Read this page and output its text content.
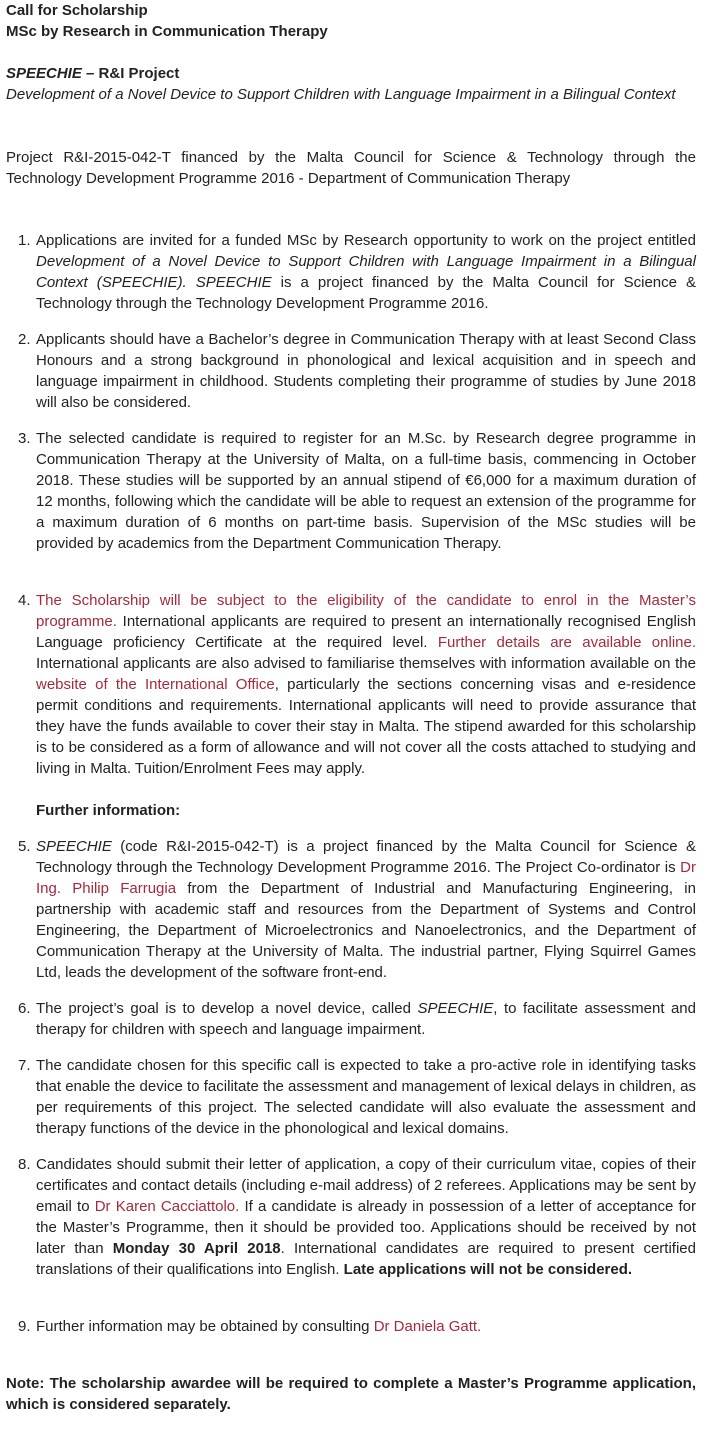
Call for Scholarship
MSc by Research in Communication Therapy
SPEECHIE – R&I Project
Development of a Novel Device to Support Children with Language Impairment in a Bilingual Context
Project R&I-2015-042-T financed by the Malta Council for Science & Technology through the Technology Development Programme 2016 - Department of Communication Therapy
1. Applications are invited for a funded MSc by Research opportunity to work on the project entitled Development of a Novel Device to Support Children with Language Impairment in a Bilingual Context (SPEECHIE). SPEECHIE is a project financed by the Malta Council for Science & Technology through the Technology Development Programme 2016.

2. Applicants should have a Bachelor’s degree in Communication Therapy with at least Second Class Honours and a strong background in phonological and lexical acquisition and in speech and language impairment in childhood. Students completing their programme of studies by June 2018 will also be considered.

3. The selected candidate is required to register for an M.Sc. by Research degree programme in Communication Therapy at the University of Malta, on a full-time basis, commencing in October 2018. These studies will be supported by an annual stipend of €6,000 for a maximum duration of 12 months, following which the candidate will be able to request an extension of the programme for a maximum duration of 6 months on part-time basis. Supervision of the MSc studies will be provided by academics from the Department Communication Therapy.

4. The Scholarship will be subject to the eligibility of the candidate to enrol in the Master’s programme. International applicants are required to present an internationally recognised English Language proficiency Certificate at the required level. Further details are available online. International applicants are also advised to familiarise themselves with information available on the website of the International Office, particularly the sections concerning visas and e-residence permit conditions and requirements. International applicants will need to provide assurance that they have the funds available to cover their stay in Malta. The stipend awarded for this scholarship is to be considered as a form of allowance and will not cover all the costs attached to studying and living in Malta. Tuition/Enrolment Fees may apply.

Further information:
5. SPEECHIE (code R&I-2015-042-T) is a project financed by the Malta Council for Science & Technology through the Technology Development Programme 2016. The Project Co-ordinator is Dr Ing. Philip Farrugia from the Department of Industrial and Manufacturing Engineering, in partnership with academic staff and resources from the Department of Systems and Control Engineering, the Department of Microelectronics and Nanoelectronics, and the Department of Communication Therapy at the University of Malta. The industrial partner, Flying Squirrel Games Ltd, leads the development of the software front-end.

6. The project’s goal is to develop a novel device, called SPEECHIE, to facilitate assessment and therapy for children with speech and language impairment.

7. The candidate chosen for this specific call is expected to take a pro-active role in identifying tasks that enable the device to facilitate the assessment and management of lexical delays in children, as per requirements of this project. The selected candidate will also evaluate the assessment and therapy functions of the device in the phonological and lexical domains.

8. Candidates should submit their letter of application, a copy of their curriculum vitae, copies of their certificates and contact details (including e-mail address) of 2 referees. Applications may be sent by email to Dr Karen Cacciattolo. If a candidate is already in possession of a letter of acceptance for the Master’s Programme, then it should be provided too. Applications should be received by not later than Monday 30 April 2018. International candidates are required to present certified translations of their qualifications into English. Late applications will not be considered.

9. Further information may be obtained by consulting Dr Daniela Gatt.

Note: The scholarship awardee will be required to complete a Master’s Programme application, which is considered separately.
